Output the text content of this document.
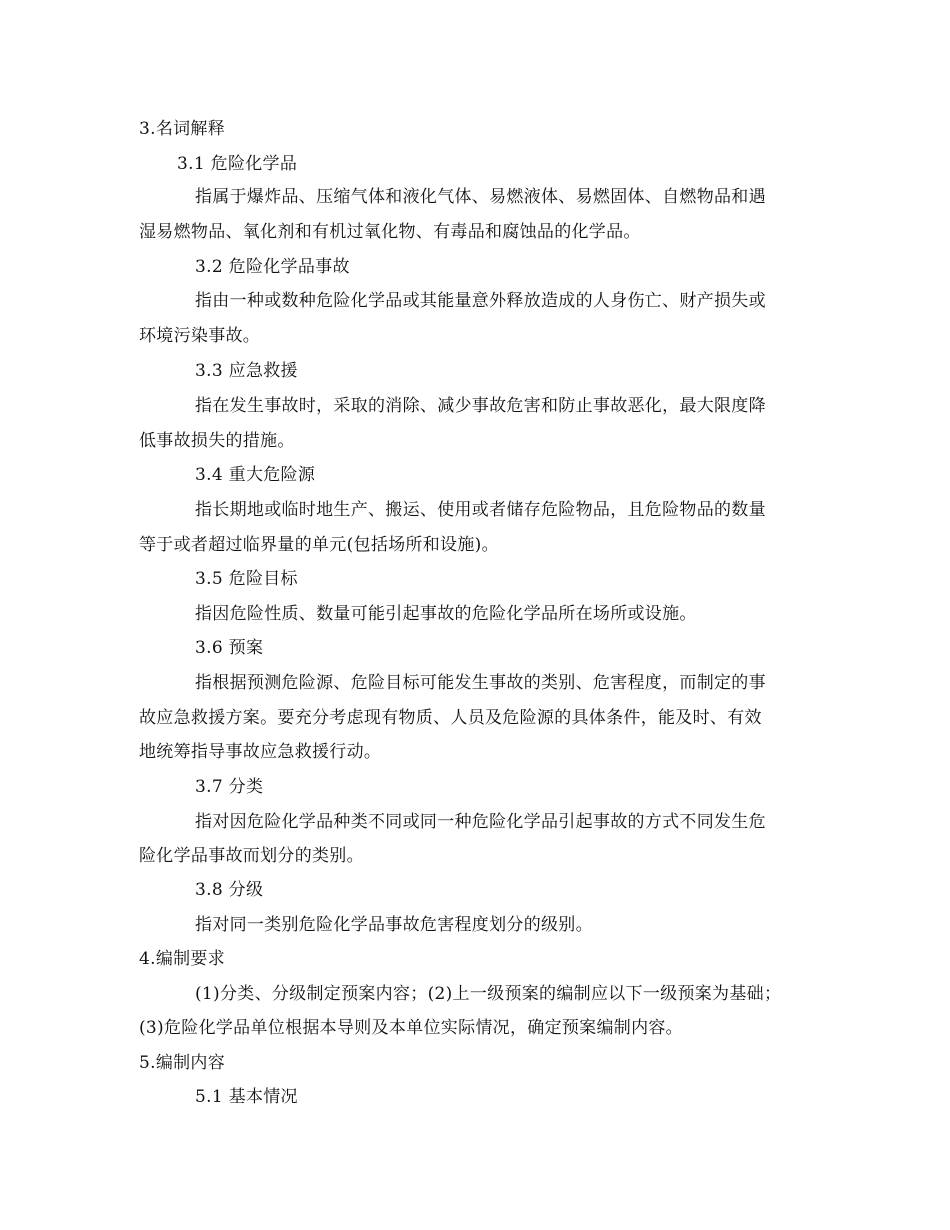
3.名词解释
3.1 危险化学品
指属于爆炸品、压缩气体和液化气体、易燃液体、易燃固体、自燃物品和遇
湿易燃物品、氧化剂和有机过氧化物、有毒品和腐蚀品的化学品。
3.2 危险化学品事故
指由一种或数种危险化学品或其能量意外释放造成的人身伤亡、财产损失或
环境污染事故。
3.3 应急救援
指在发生事故时，采取的消除、减少事故危害和防止事故恶化，最大限度降
低事故损失的措施。
3.4 重大危险源
指长期地或临时地生产、搬运、使用或者储存危险物品，且危险物品的数量
等于或者超过临界量的单元(包括场所和设施)。
3.5 危险目标
指因危险性质、数量可能引起事故的危险化学品所在场所或设施。
3.6 预案
指根据预测危险源、危险目标可能发生事故的类别、危害程度，而制定的事
故应急救援方案。要充分考虑现有物质、人员及危险源的具体条件，能及时、有效
地统筹指导事故应急救援行动。
3.7 分类
指对因危险化学品种类不同或同一种危险化学品引起事故的方式不同发生危
险化学品事故而划分的类别。
3.8 分级
指对同一类别危险化学品事故危害程度划分的级别。
4.编制要求
(1)分类、分级制定预案内容；(2)上一级预案的编制应以下一级预案为基础；
(3)危险化学品单位根据本导则及本单位实际情况，确定预案编制内容。
5.编制内容
5.1 基本情况
